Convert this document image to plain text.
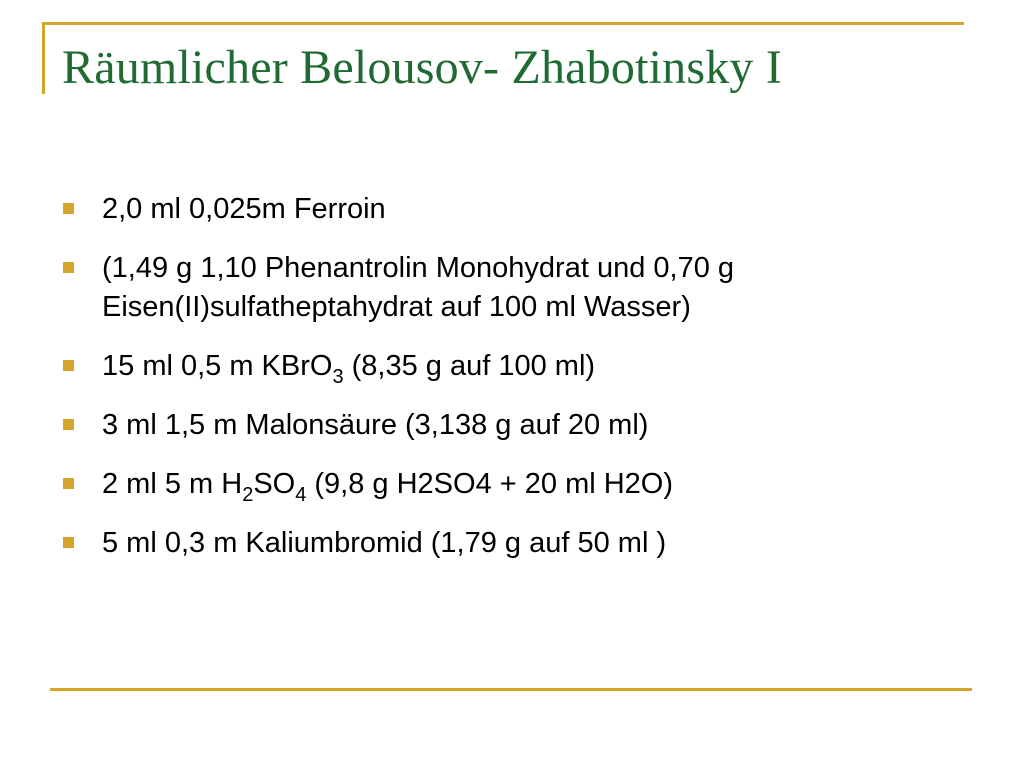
Räumlicher Belousov- Zhabotinsky I
2,0 ml 0,025m Ferroin
(1,49 g 1,10 Phenantrolin Monohydrat und 0,70 g Eisen(II)sulfatheptahydrat auf 100 ml Wasser)
15 ml 0,5 m KBrO$_3$ (8,35 g auf 100 ml)
3 ml 1,5 m Malonsäure (3,138 g auf 20 ml)
2 ml 5 m $H_2SO_4$ (9,8 g H2SO4 + 20 ml H2O)
5 ml 0,3 m Kaliumbromid (1,79 g auf 50 ml )
